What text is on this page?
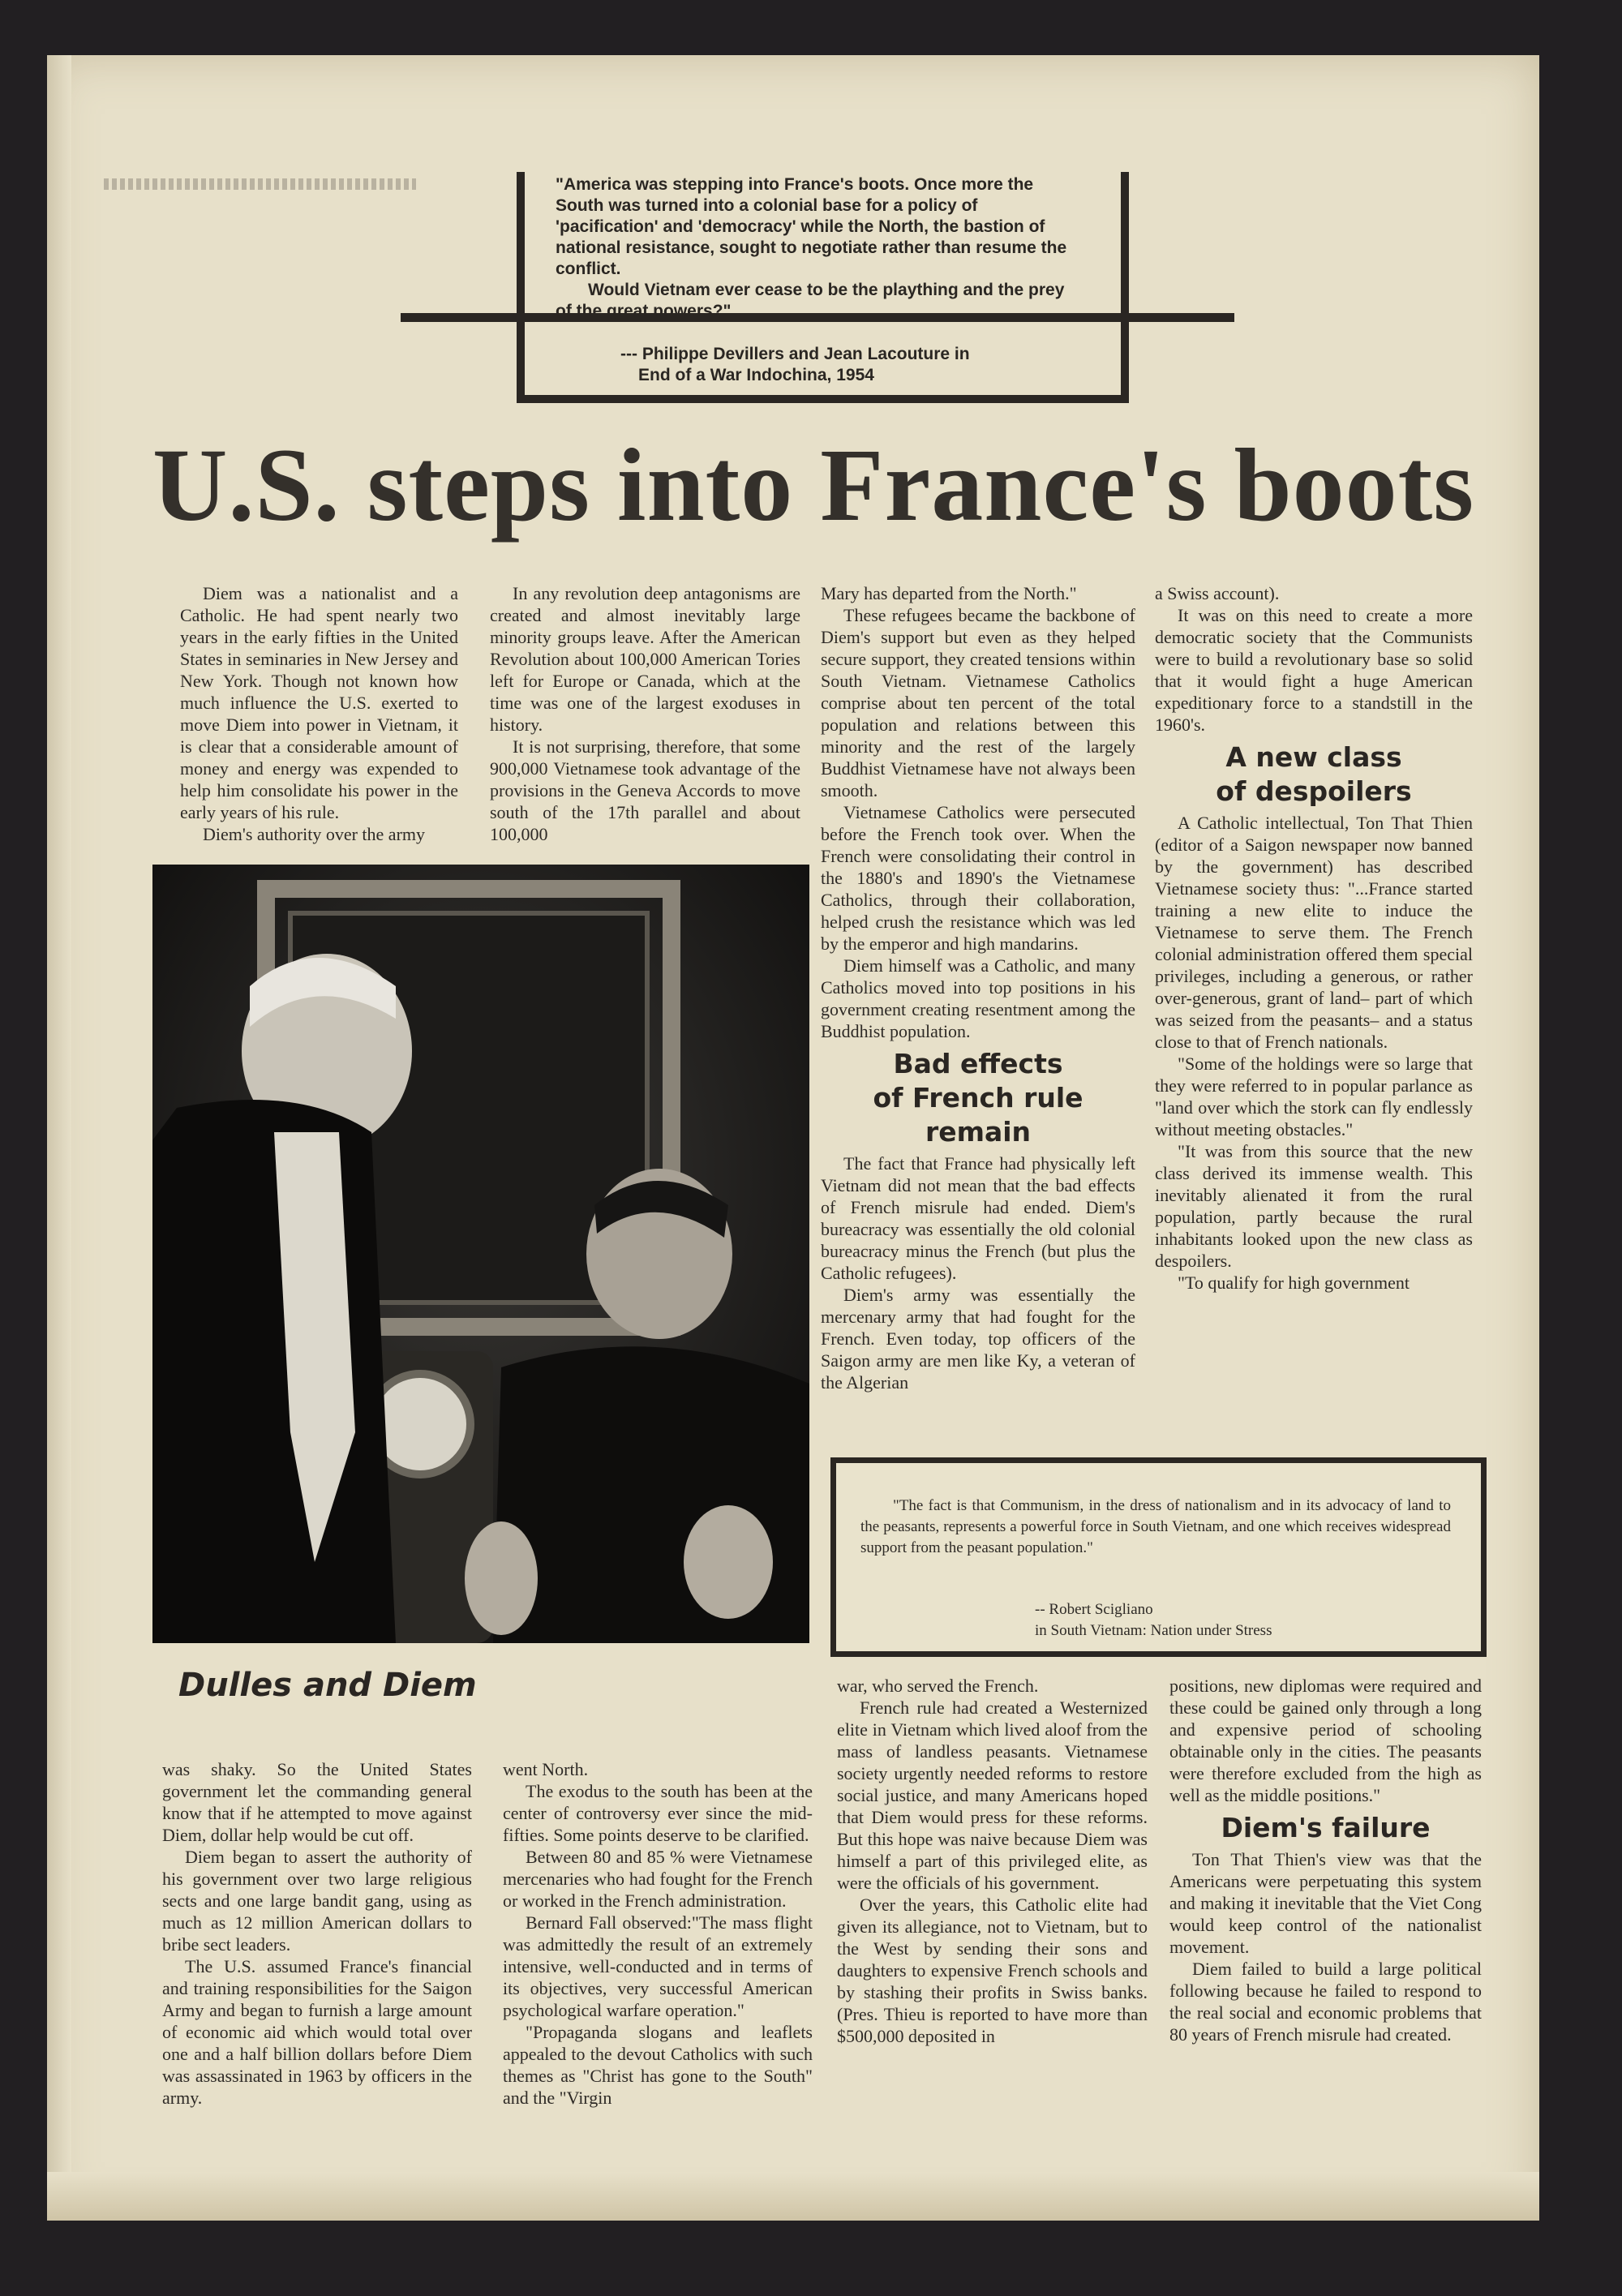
"America was stepping into France's boots. Once more the South was turned into a colonial base for a policy of 'pacification' and 'democracy' while the North, the bastion of national resistance, sought to negotiate rather than resume the conflict.

Would Vietnam ever cease to be the plaything and the prey of the great powers?"

--- Philippe Devillers and Jean Lacouture in
End of a War Indochina, 1954
U.S. steps into France's boots

Diem was a nationalist and a Catholic. He had spent nearly two years in the early fifties in the United States in seminaries in New Jersey and New York. Though not known how much influence the U.S. exerted to move Diem into power in Vietnam, it is clear that a considerable amount of money and energy was expended to help him consolidate his power in the early years of his rule.

Diem's authority over the army

In any revolution deep antagonisms are created and almost inevitably large minority groups leave. After the American Revolution about 100,000 American Tories left for Europe or Canada, which at the time was one of the largest exoduses in history.

It is not surprising, therefore, that some 900,000 Vietnamese took advantage of the provisions in the Geneva Accords to move south of the 17th parallel and about 100,000

Mary has departed from the North."

These refugees became the backbone of Diem's support but even as they helped secure support, they created tensions within South Vietnam. Vietnamese Catholics comprise about ten percent of the total population and relations between this minority and the rest of the largely Buddhist Vietnamese have not always been smooth.

Vietnamese Catholics were persecuted before the French took over. When the French were consolidating their control in the 1880's and 1890's the Vietnamese Catholics, through their collaboration, helped crush the resistance which was led by the emperor and high mandarins.

Diem himself was a Catholic, and many Catholics moved into top positions in his government creating resentment among the Buddhist population.

Bad effects
of French rule remain

The fact that France had physically left Vietnam did not mean that the bad effects of French misrule had ended. Diem's bureacracy was essentially the old colonial bureacracy minus the French (but plus the Catholic refugees).

Diem's army was essentially the mercenary army that had fought for the French. Even today, top officers of the Saigon army are men like Ky, a veteran of the Algerian

a Swiss account).

It was on this need to create a more democratic society that the Communists were to build a revolutionary base so solid that it would fight a huge American expeditionary force to a standstill in the 1960's.

A new class
of despoilers

A Catholic intellectual, Ton That Thien (editor of a Saigon newspaper now banned by the government) has described Vietnamese society thus: "...France started training a new elite to induce the Vietnamese to serve them. The French colonial administration offered them special privileges, including a generous, or rather over-generous, grant of land– part of which was seized from the peasants– and a status close to that of French nationals.

"Some of the holdings were so large that they were referred to in popular parlance as "land over which the stork can fly endlessly without meeting obstacles."

"It was from this source that the new class derived its immense wealth. This inevitably alienated it from the rural population, partly because the rural inhabitants looked upon the new class as despoilers.

"To qualify for high government

Dulles and Diem

"The fact is that Communism, in the dress of nationalism and in its advocacy of land to the peasants, represents a powerful force in South Vietnam, and one which receives widespread support from the peasant population."

-- Robert Scigliano
in South Vietnam: Nation under Stress

was shaky. So the United States government let the commanding general know that if he attempted to move against Diem, dollar help would be cut off.

Diem began to assert the authority of his government over two large religious sects and one large bandit gang, using as much as 12 million American dollars to bribe sect leaders.

The U.S. assumed France's financial and training responsibilities for the Saigon Army and began to furnish a large amount of economic aid which would total over one and a half billion dollars before Diem was assassinated in 1963 by officers in the army.

went North.

The exodus to the south has been at the center of controversy ever since the mid-fifties. Some points deserve to be clarified.

Between 80 and 85 % were Vietnamese mercenaries who had fought for the French or worked in the French administration.

Bernard Fall observed:"The mass flight was admittedly the result of an extremely intensive, well-conducted and in terms of its objectives, very successful American psychological warfare operation."

"Propaganda slogans and leaflets appealed to the devout Catholics with such themes as "Christ has gone to the South" and the "Virgin

war, who served the French.

French rule had created a Westernized elite in Vietnam which lived aloof from the mass of landless peasants. Vietnamese society urgently needed reforms to restore social justice, and many Americans hoped that Diem would press for these reforms. But this hope was naive because Diem was himself a part of this privileged elite, as were the officials of his government.

Over the years, this Catholic elite had given its allegiance, not to Vietnam, but to the West by sending their sons and daughters to expensive French schools and by stashing their profits in Swiss banks. (Pres. Thieu is reported to have more than $500,000 deposited in

positions, new diplomas were required and these could be gained only through a long and expensive period of schooling obtainable only in the cities. The peasants were therefore excluded from the high as well as the middle positions."

Diem's failure

Ton That Thien's view was that the Americans were perpetuating this system and making it inevitable that the Viet Cong would keep control of the nationalist movement.

Diem failed to build a large political following because he failed to respond to the real social and economic problems that 80 years of French misrule had created.
